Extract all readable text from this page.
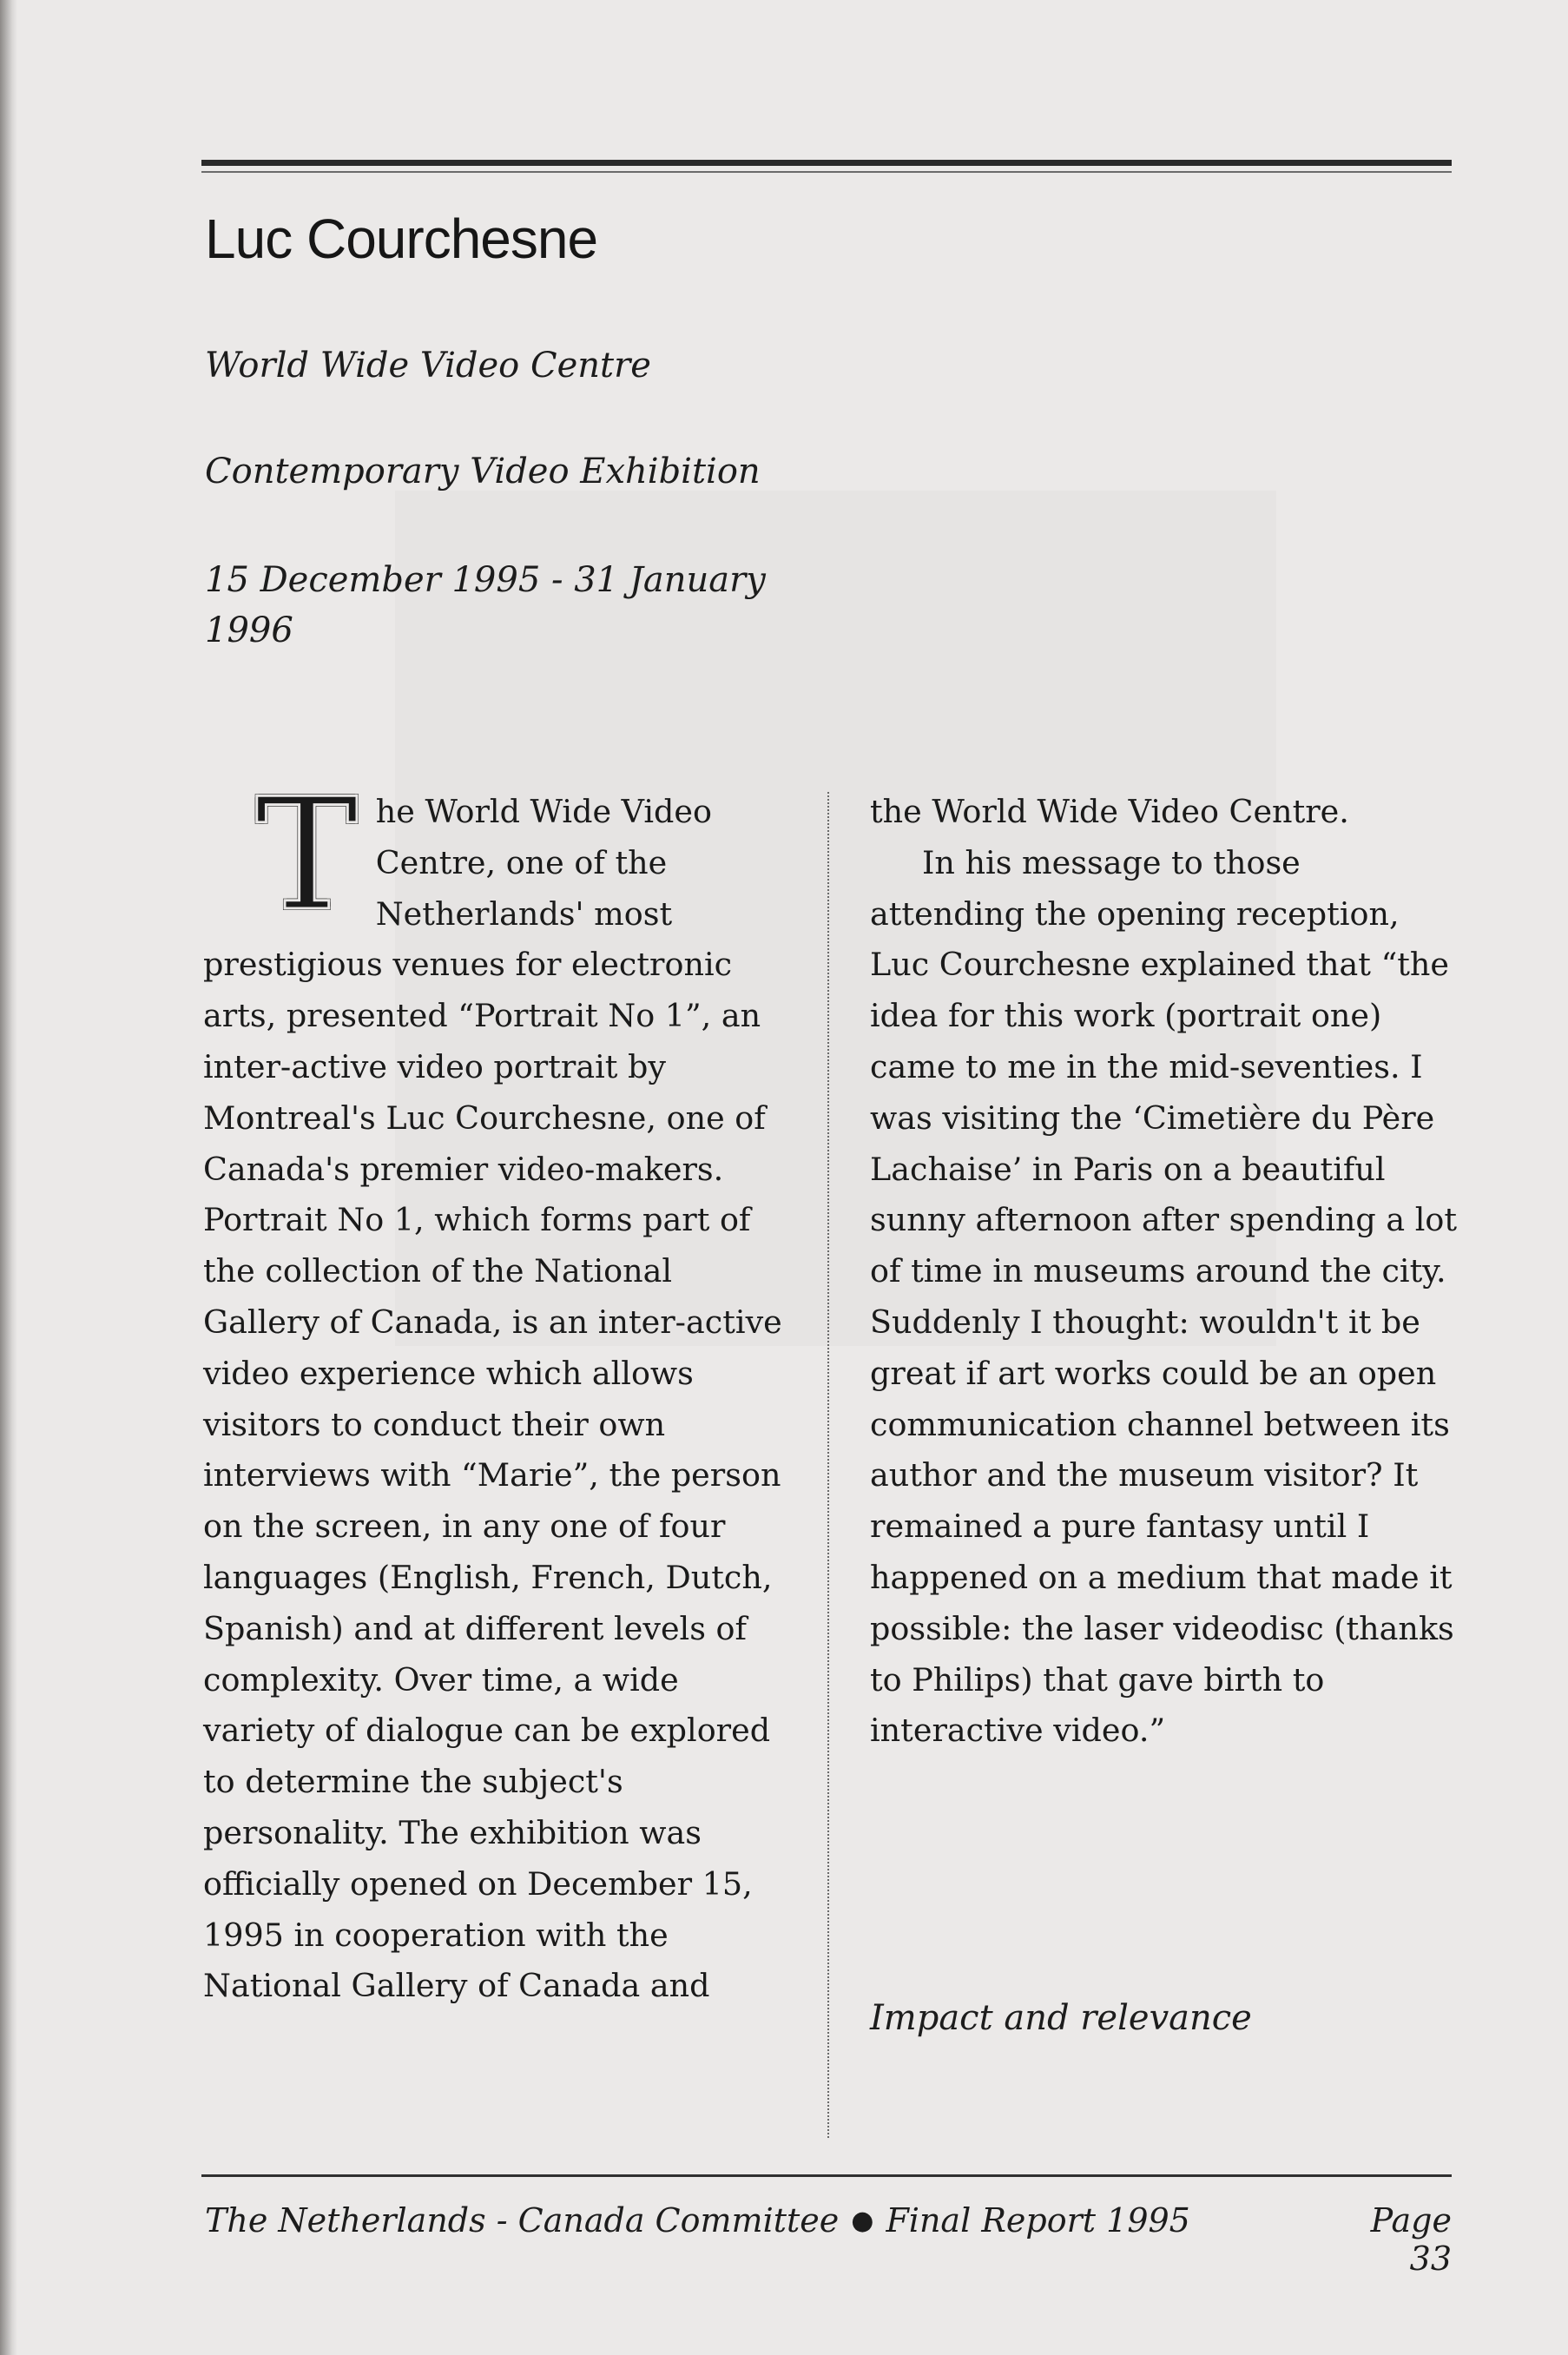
Luc Courchesne

World Wide Video Centre

Contemporary Video Exhibition

15 December 1995 - 31 January 1996

T he World Wide Video Centre, one of the Netherlands' most prestigious venues for electronic arts, presented “Portrait No 1”, an inter-active video portrait by Montreal's Luc Courchesne, one of Canada's premier video-makers. Portrait No 1, which forms part of the collection of the National Gallery of Canada, is an inter-active video experience which allows visitors to conduct their own interviews with “Marie”, the person on the screen, in any one of four languages (English, French, Dutch, Spanish) and at different levels of complexity. Over time, a wide variety of dialogue can be explored to determine the subject's personality. The exhibition was officially opened on December 15, 1995 in cooperation with the National Gallery of Canada and

the World Wide Video Centre.

In his message to those attending the opening reception, Luc Courchesne explained that “the idea for this work (portrait one) came to me in the mid-seventies. I was visiting the ‘Cimetière du Père Lachaise’ in Paris on a beautiful sunny afternoon after spending a lot of time in museums around the city. Suddenly I thought: wouldn't it be great if art works could be an open communication channel between its author and the museum visitor? It remained a pure fantasy until I happened on a medium that made it possible: the laser videodisc (thanks to Philips) that gave birth to interactive video.”

Impact and relevance
The Netherlands - Canada Committee ● Final Report 1995	Page 33
